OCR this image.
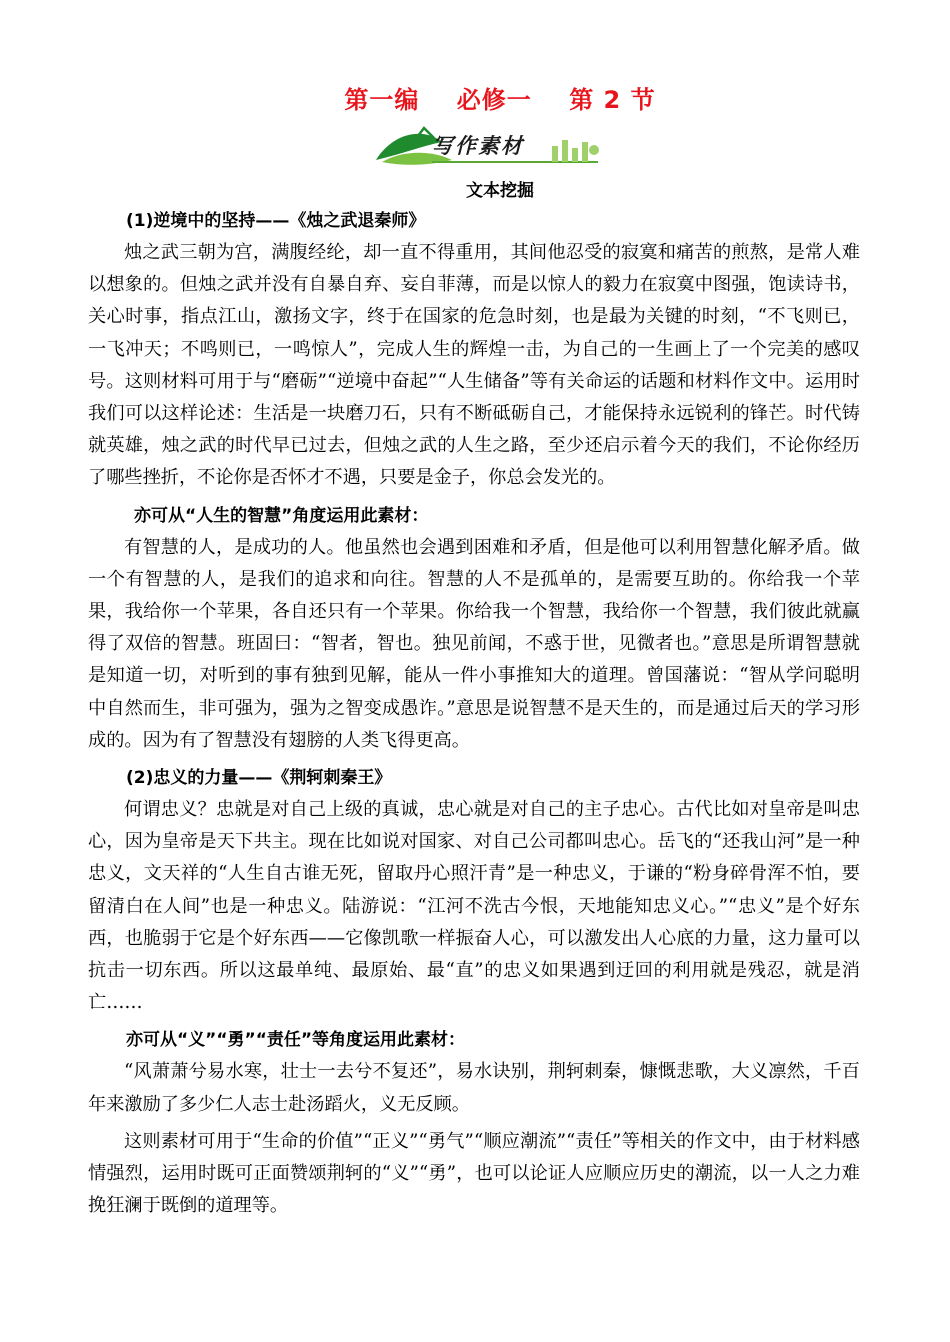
第一编    必修一    第 2 节
写作素材
文本挖掘
(1)逆境中的坚持——《烛之武退秦师》

烛之武三朝为宫，满腹经纶，却一直不得重用，其间他忍受的寂寞和痛苦的煎熬，是常人难以想象的。但烛之武并没有自暴自弃、妄自菲薄，而是以惊人的毅力在寂寞中图强，饱读诗书，关心时事，指点江山，激扬文字，终于在国家的危急时刻，也是最为关键的时刻，“不飞则已，一飞冲天；不鸣则已，一鸣惊人”，完成人生的辉煌一击，为自己的一生画上了一个完美的感叹号。这则材料可用于与“磨砺”“逆境中奋起”“人生储备”等有关命运的话题和材料作文中。运用时我们可以这样论述：生活是一块磨刀石，只有不断砥砺自己，才能保持永远锐利的锋芒。时代铸就英雄，烛之武的时代早已过去，但烛之武的人生之路，至少还启示着今天的我们，不论你经历了哪些挫折，不论你是否怀才不遇，只要是金子，你总会发光的。

亦可从“人生的智慧”角度运用此素材：

有智慧的人，是成功的人。他虽然也会遇到困难和矛盾，但是他可以利用智慧化解矛盾。做一个有智慧的人，是我们的追求和向往。智慧的人不是孤单的，是需要互助的。你给我一个苹果，我给你一个苹果，各自还只有一个苹果。你给我一个智慧，我给你一个智慧，我们彼此就赢得了双倍的智慧。班固曰：“智者，智也。独见前闻，不惑于世，见微者也。”意思是所谓智慧就是知道一切，对听到的事有独到见解，能从一件小事推知大的道理。曾国藩说：“智从学问聪明中自然而生，非可强为，强为之智变成愚诈。”意思是说智慧不是天生的，而是通过后天的学习形成的。因为有了智慧没有翅膀的人类飞得更高。

(2)忠义的力量——《荆轲刺秦王》

何谓忠义？忠就是对自己上级的真诚，忠心就是对自己的主子忠心。古代比如对皇帝是叫忠心，因为皇帝是天下共主。现在比如说对国家、对自己公司都叫忠心。岳飞的“还我山河”是一种忠义，文天祥的“人生自古谁无死，留取丹心照汗青”是一种忠义，于谦的“粉身碎骨浑不怕，要留清白在人间”也是一种忠义。陆游说：“江河不洗古今恨，天地能知忠义心。”“忠义”是个好东西，也脆弱于它是个好东西——它像凯歌一样振奋人心，可以激发出人心底的力量，这力量可以抗击一切东西。所以这最单纯、最原始、最“直”的忠义如果遇到迂回的利用就是残忍，就是消亡……

亦可从“义”“勇”“责任”等角度运用此素材：

“风萧萧兮易水寒，壮士一去兮不复还”，易水诀别，荆轲刺秦，慷慨悲歌，大义凛然，千百年来激励了多少仁人志士赴汤蹈火，义无反顾。

这则素材可用于“生命的价值”“正义”“勇气”“顺应潮流”“责任”等相关的作文中，由于材料感情强烈，运用时既可正面赞颂荆轲的“义”“勇”，也可以论证人应顺应历史的潮流，以一人之力难挽狂澜于既倒的道理等。
